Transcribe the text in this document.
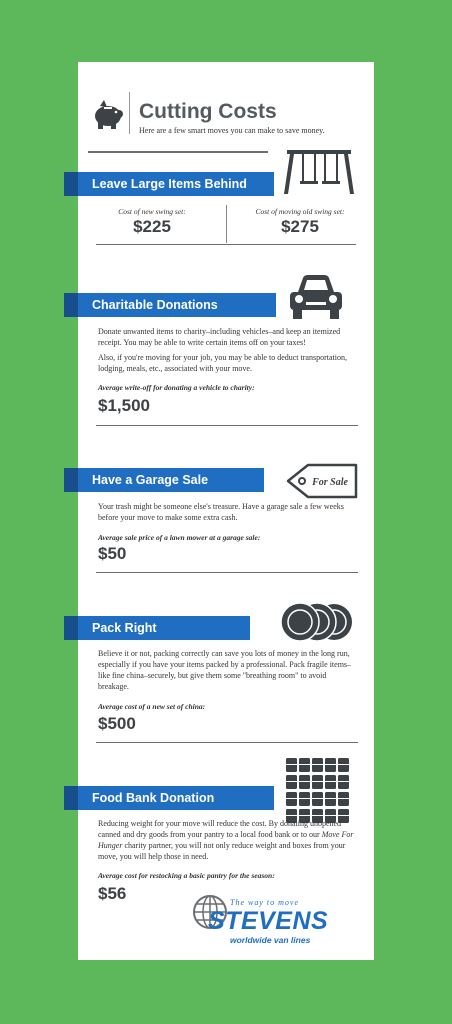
Cutting Costs
Here are a few smart moves you can make to save money.
Leave Large Items Behind
Cost of new swing set:
$225
Cost of moving old swing set:
$275
Charitable Donations
Donate unwanted items to charity–including vehicles–and keep an itemized receipt. You may be able to write certain items off on your taxes!
Also, if you're moving for your job, you may be able to deduct transportation, lodging, meals, etc., associated with your move.
Average write-off for donating a vehicle to charity:
$1,500
For Sale
Have a Garage Sale
Your trash might be someone else's treasure. Have a garage sale a few weeks before your move to make some extra cash.
Average sale price of a lawn mower at a garage sale:
$50
Pack Right
Believe it or not, packing correctly can save you lots of money in the long run, especially if you have your items packed by a professional. Pack fragile items–like fine china–securely, but give them some "breathing room" to avoid breakage.
Average cost of a new set of china:
$500
Food Bank Donation
Reducing weight for your move will reduce the cost. By donating unopened canned and dry goods from your pantry to a local food bank or to our Move For Hunger charity partner, you will not only reduce weight and boxes from your move, you will help those in need.
Average cost for restocking a basic pantry for the season:
$56	The way to move
STEVENS
worldwide van lines
